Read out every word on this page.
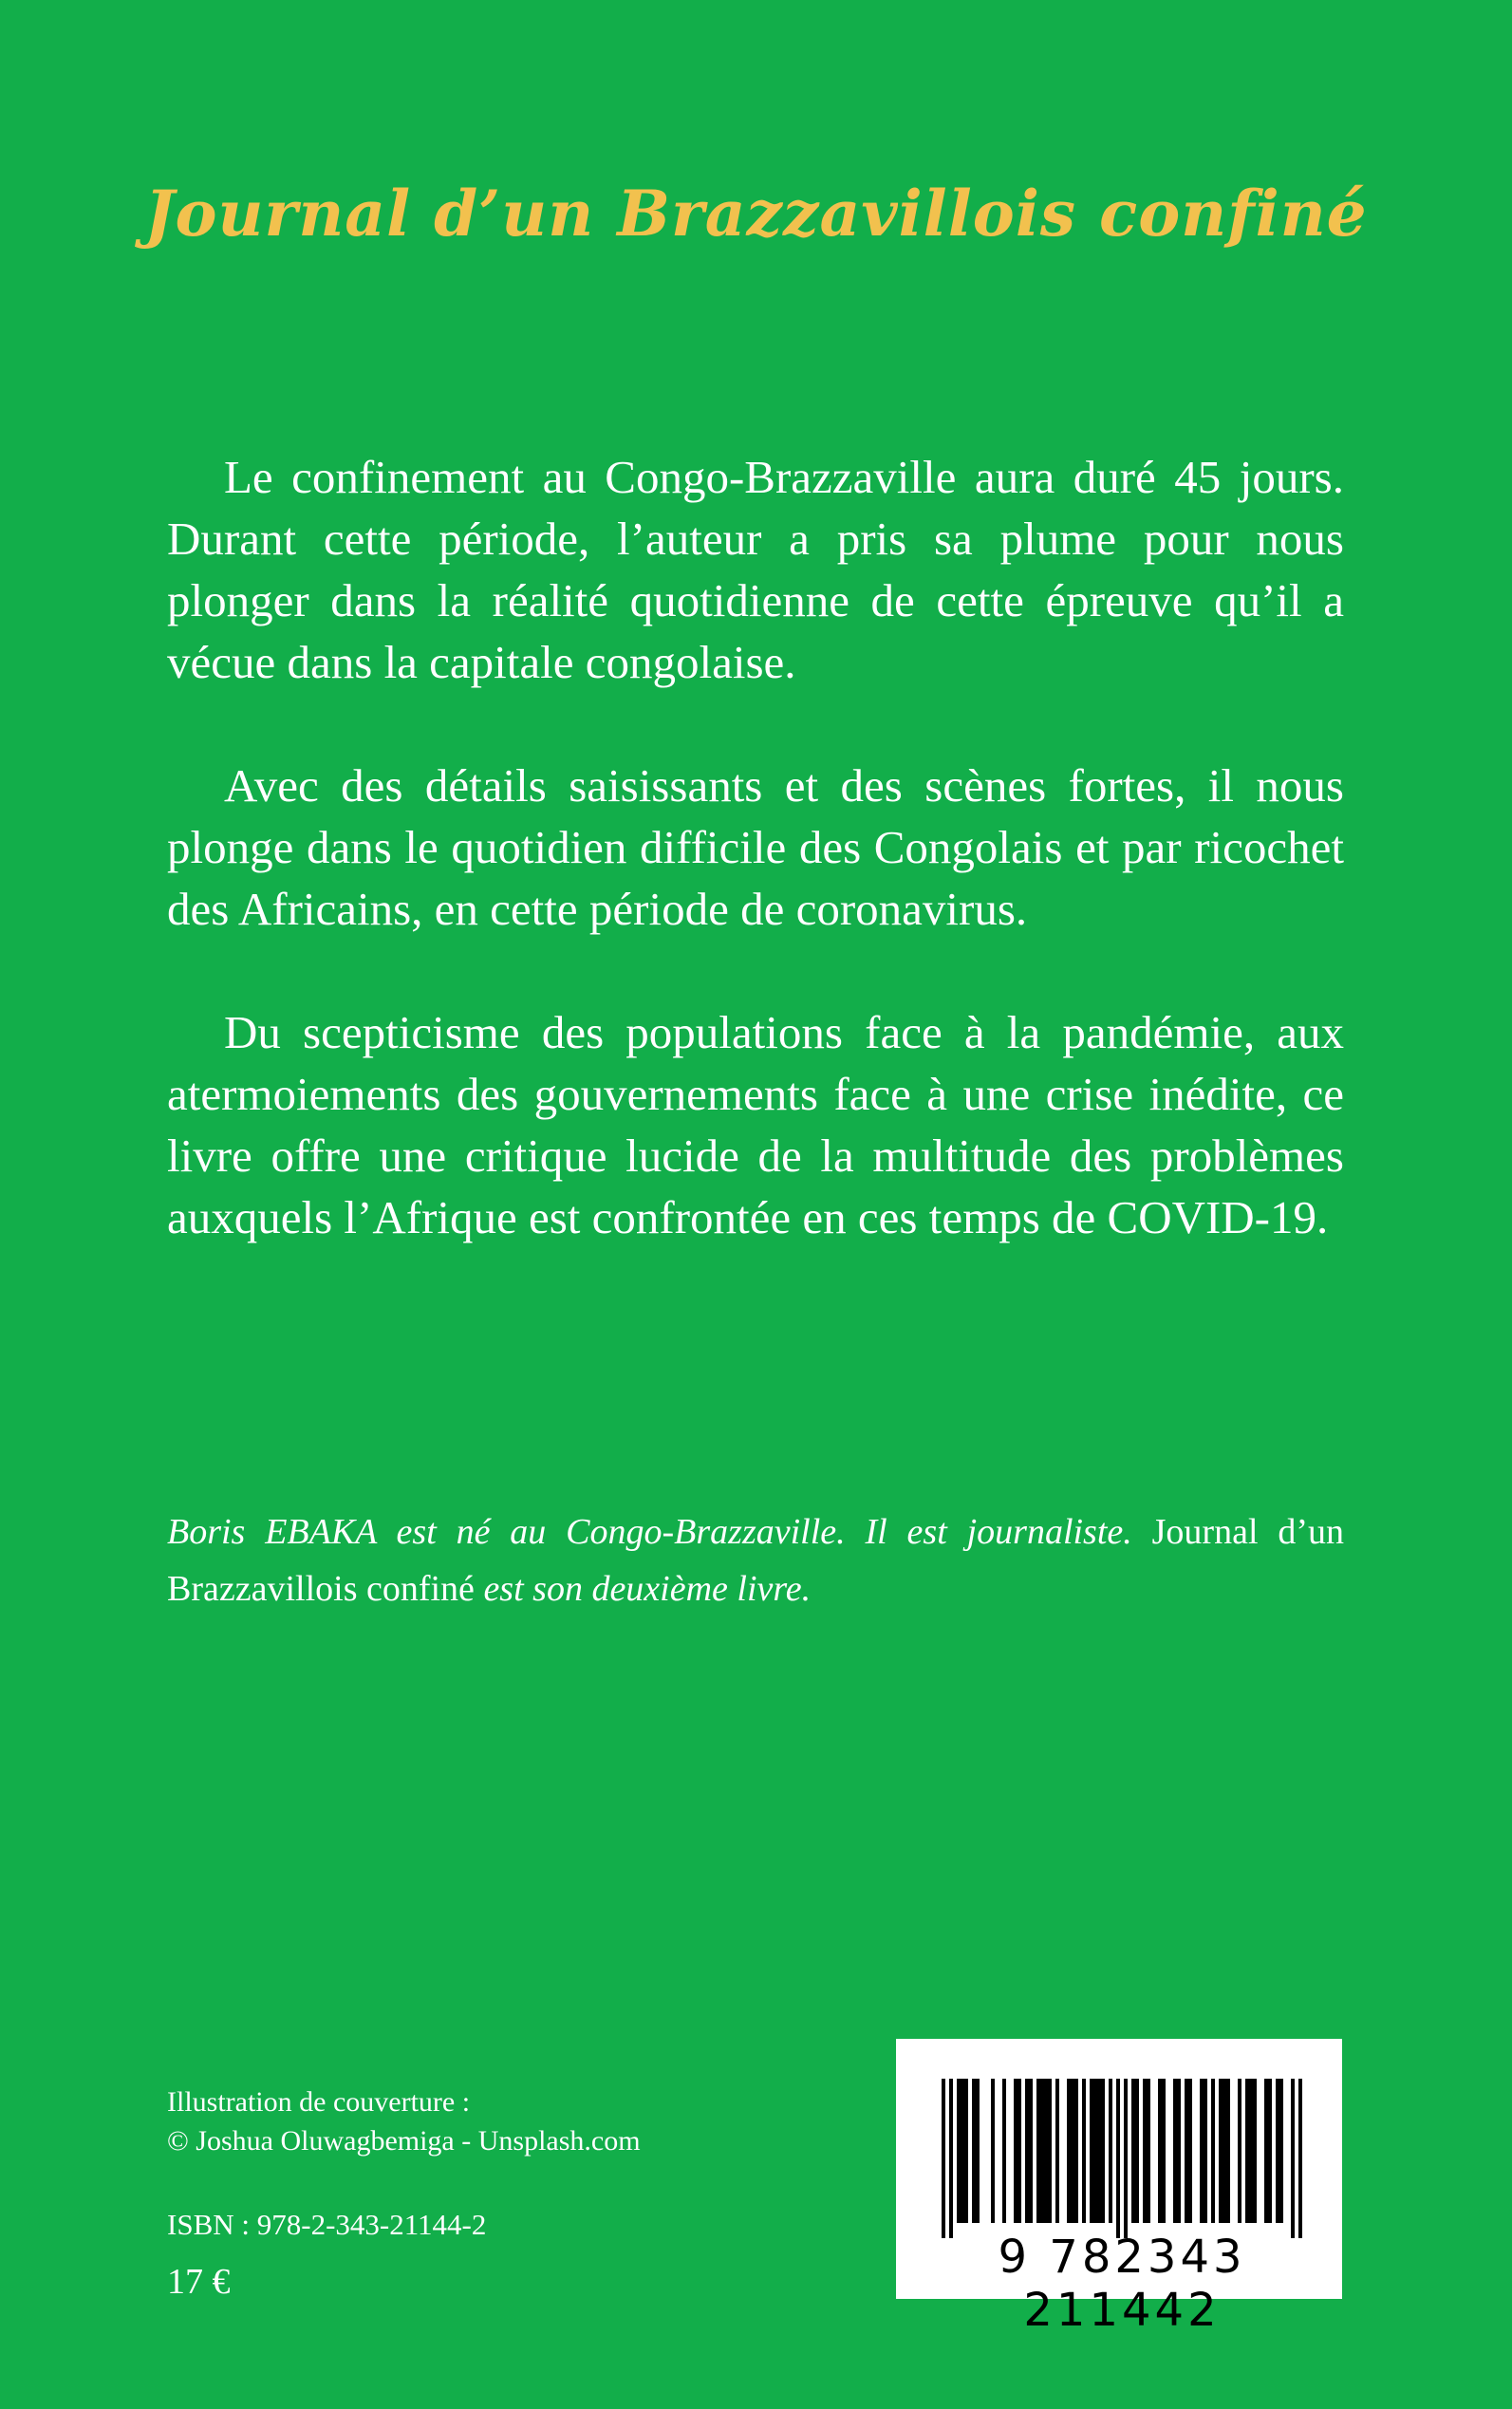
Journal d’un Brazzavillois confiné

Le confinement au Congo-Brazzaville aura duré 45 jours. Durant cette période, l’auteur a pris sa plume pour nous plonger dans la réalité quotidienne de cette épreuve qu’il a vécue dans la capitale congolaise.

Avec des détails saisissants et des scènes fortes, il nous plonge dans le quotidien difficile des Congolais et par ricochet des Africains, en cette période de coronavirus.

Du scepticisme des populations face à la pandémie, aux atermoiements des gouvernements face à une crise inédite, ce livre offre une critique lucide de la multitude des problèmes auxquels l’Afrique est confrontée en ces temps de COVID-19.

Boris EBAKA est né au Congo-Brazzaville. Il est journaliste. Journal d’un Brazzavillois confiné est son deuxième livre.

Illustration de couverture :
© Joshua Oluwagbemiga - Unsplash.com
ISBN : 978-2-343-21144-2
17 €	9 782343 211442
